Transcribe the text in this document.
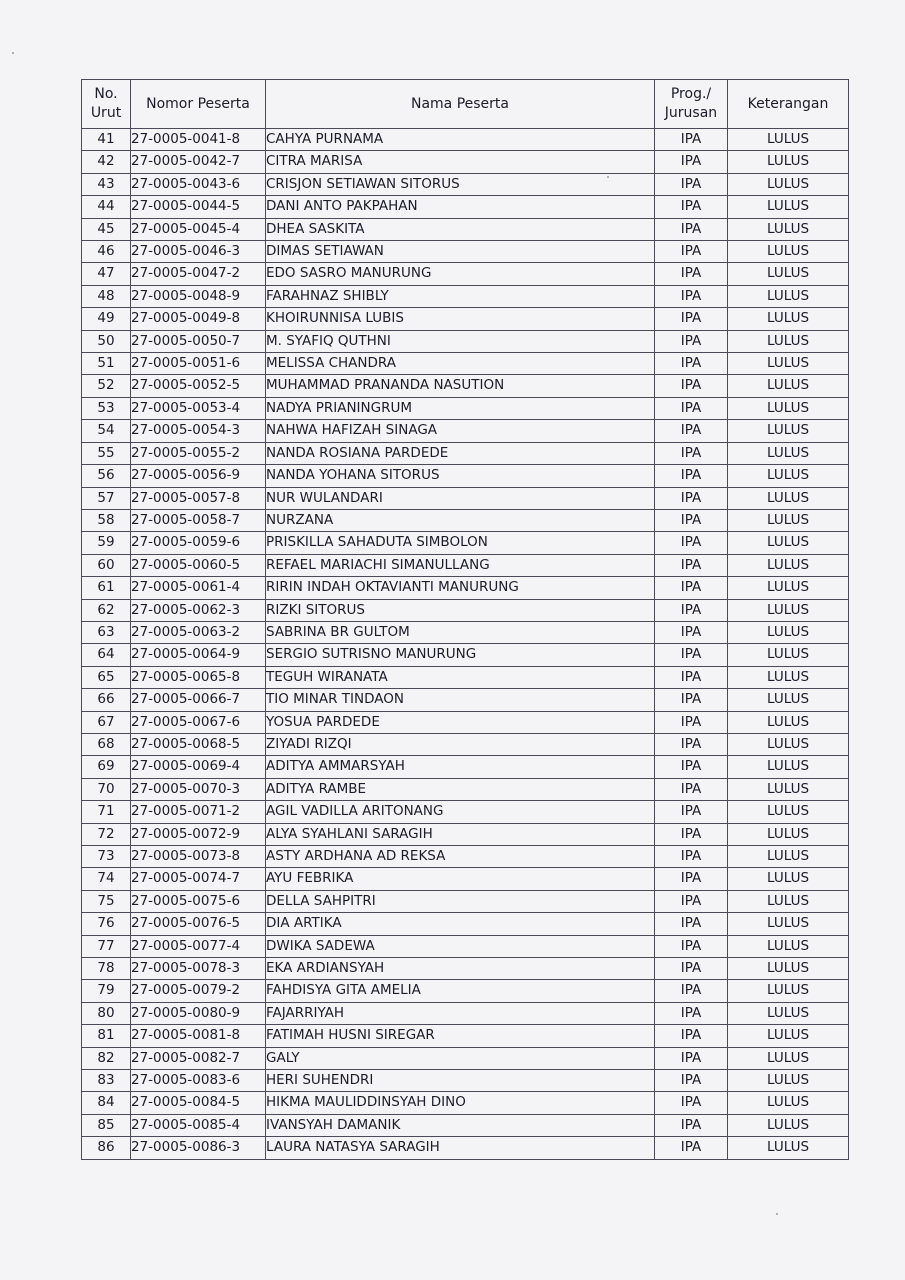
No. Urut	Nomor Peserta	Nama Peserta	Prog./ Jurusan	Keterangan
41	27-0005-0041-8	CAHYA PURNAMA	IPA	LULUS
42	27-0005-0042-7	CITRA MARISA	IPA	LULUS
43	27-0005-0043-6	CRISJON SETIAWAN SITORUS	IPA	LULUS
44	27-0005-0044-5	DANI ANTO PAKPAHAN	IPA	LULUS
45	27-0005-0045-4	DHEA SASKITA	IPA	LULUS
46	27-0005-0046-3	DIMAS SETIAWAN	IPA	LULUS
47	27-0005-0047-2	EDO SASRO MANURUNG	IPA	LULUS
48	27-0005-0048-9	FARAHNAZ SHIBLY	IPA	LULUS
49	27-0005-0049-8	KHOIRUNNISA LUBIS	IPA	LULUS
50	27-0005-0050-7	M. SYAFIQ QUTHNI	IPA	LULUS
51	27-0005-0051-6	MELISSA CHANDRA	IPA	LULUS
52	27-0005-0052-5	MUHAMMAD PRANANDA NASUTION	IPA	LULUS
53	27-0005-0053-4	NADYA PRIANINGRUM	IPA	LULUS
54	27-0005-0054-3	NAHWA HAFIZAH SINAGA	IPA	LULUS
55	27-0005-0055-2	NANDA ROSIANA PARDEDE	IPA	LULUS
56	27-0005-0056-9	NANDA YOHANA SITORUS	IPA	LULUS
57	27-0005-0057-8	NUR WULANDARI	IPA	LULUS
58	27-0005-0058-7	NURZANA	IPA	LULUS
59	27-0005-0059-6	PRISKILLA SAHADUTA SIMBOLON	IPA	LULUS
60	27-0005-0060-5	REFAEL MARIACHI SIMANULLANG	IPA	LULUS
61	27-0005-0061-4	RIRIN INDAH OKTAVIANTI MANURUNG	IPA	LULUS
62	27-0005-0062-3	RIZKI SITORUS	IPA	LULUS
63	27-0005-0063-2	SABRINA BR GULTOM	IPA	LULUS
64	27-0005-0064-9	SERGIO SUTRISNO MANURUNG	IPA	LULUS
65	27-0005-0065-8	TEGUH WIRANATA	IPA	LULUS
66	27-0005-0066-7	TIO MINAR TINDAON	IPA	LULUS
67	27-0005-0067-6	YOSUA PARDEDE	IPA	LULUS
68	27-0005-0068-5	ZIYADI RIZQI	IPA	LULUS
69	27-0005-0069-4	ADITYA AMMARSYAH	IPA	LULUS
70	27-0005-0070-3	ADITYA RAMBE	IPA	LULUS
71	27-0005-0071-2	AGIL VADILLA ARITONANG	IPA	LULUS
72	27-0005-0072-9	ALYA SYAHLANI SARAGIH	IPA	LULUS
73	27-0005-0073-8	ASTY ARDHANA AD REKSA	IPA	LULUS
74	27-0005-0074-7	AYU FEBRIKA	IPA	LULUS
75	27-0005-0075-6	DELLA SAHPITRI	IPA	LULUS
76	27-0005-0076-5	DIA ARTIKA	IPA	LULUS
77	27-0005-0077-4	DWIKA SADEWA	IPA	LULUS
78	27-0005-0078-3	EKA ARDIANSYAH	IPA	LULUS
79	27-0005-0079-2	FAHDISYA GITA AMELIA	IPA	LULUS
80	27-0005-0080-9	FAJARRIYAH	IPA	LULUS
81	27-0005-0081-8	FATIMAH HUSNI SIREGAR	IPA	LULUS
82	27-0005-0082-7	GALY	IPA	LULUS
83	27-0005-0083-6	HERI SUHENDRI	IPA	LULUS
84	27-0005-0084-5	HIKMA MAULIDDINSYAH DINO	IPA	LULUS
85	27-0005-0085-4	IVANSYAH DAMANIK	IPA	LULUS
86	27-0005-0086-3	LAURA NATASYA SARAGIH	IPA	LULUS
